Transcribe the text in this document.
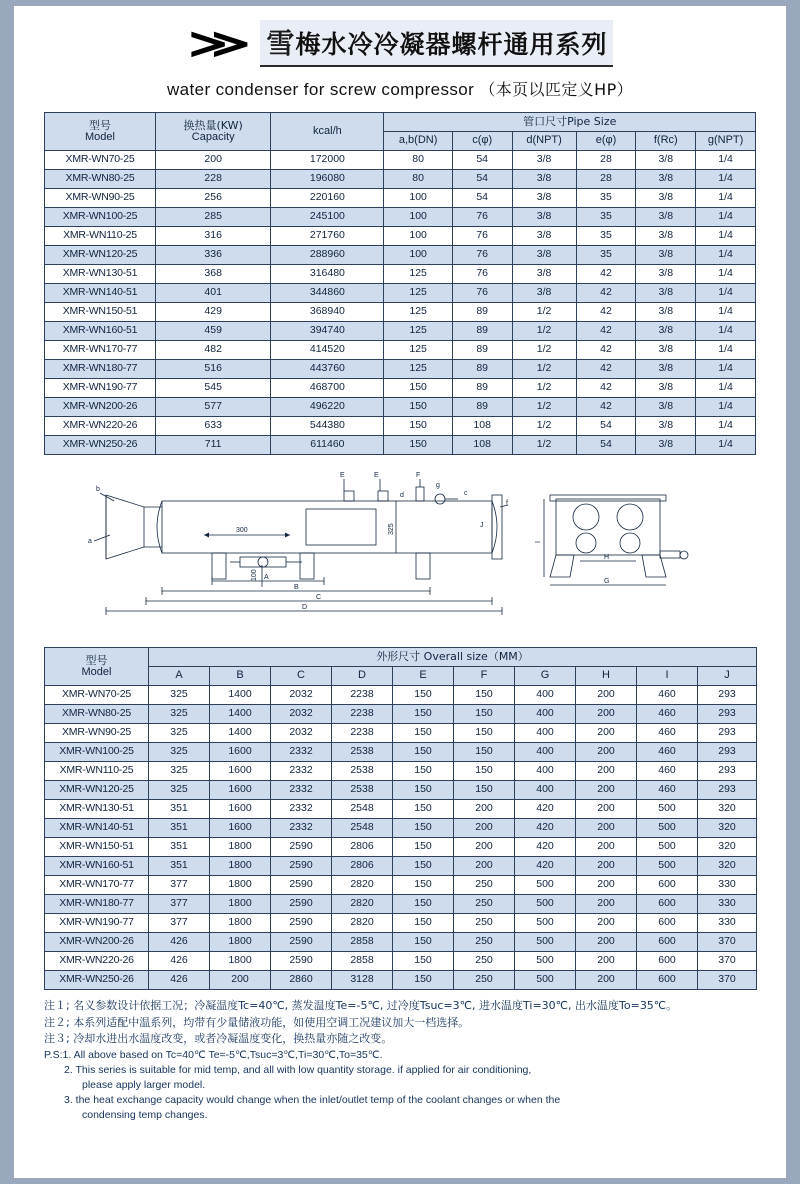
≫ 雪梅水冷冷凝器螺杆通用系列
water condenser for screw compressor （本页以匹定义HP）
型号
Model

换热量(KW)
Capacity	kcal/h	管口尺寸Pipe Size
			a,b(DN)	c(φ)	d(NPT)	e(φ)	f(Rc)	g(NPT)
XMR-WN70-25	200	172000	80	54	3/8	28	3/8	1/4
XMR-WN80-25	228	196080	80	54	3/8	28	3/8	1/4
XMR-WN90-25	256	220160	100	54	3/8	35	3/8	1/4
XMR-WN100-25	285	245100	100	76	3/8	35	3/8	1/4
XMR-WN110-25	316	271760	100	76	3/8	35	3/8	1/4
XMR-WN120-25	336	288960	100	76	3/8	35	3/8	1/4
XMR-WN130-51	368	316480	125	76	3/8	42	3/8	1/4
XMR-WN140-51	401	344860	125	76	3/8	42	3/8	1/4
XMR-WN150-51	429	368940	125	89	1/2	42	3/8	1/4
XMR-WN160-51	459	394740	125	89	1/2	42	3/8	1/4
XMR-WN170-77	482	414520	125	89	1/2	42	3/8	1/4
XMR-WN180-77	516	443760	125	89	1/2	42	3/8	1/4
XMR-WN190-77	545	468700	150	89	1/2	42	3/8	1/4
XMR-WN200-26	577	496220	150	89	1/2	42	3/8	1/4
XMR-WN220-26	633	544380	150	108	1/2	54	3/8	1/4
XMR-WN250-26	711	611460	150	108	1/2	54	3/8	1/4
E	E	F
b
a
d
g
c
f
J
300
100
325
A
B
C
D
H
G
I
型号
Model	外形尺寸 Overall size（MM）									
	A	B	C	D	E	F	G	H	I	J
XMR-WN70-25	325	1400	2032	2238	150	150	400	200	460	293
XMR-WN80-25	325	1400	2032	2238	150	150	400	200	460	293
XMR-WN90-25	325	1400	2032	2238	150	150	400	200	460	293
XMR-WN100-25	325	1600	2332	2538	150	150	400	200	460	293
XMR-WN110-25	325	1600	2332	2538	150	150	400	200	460	293
XMR-WN120-25	325	1600	2332	2538	150	150	400	200	460	293
XMR-WN130-51	351	1600	2332	2548	150	200	420	200	500	320
XMR-WN140-51	351	1600	2332	2548	150	200	420	200	500	320
XMR-WN150-51	351	1800	2590	2806	150	200	420	200	500	320
XMR-WN160-51	351	1800	2590	2806	150	200	420	200	500	320
XMR-WN170-77	377	1800	2590	2820	150	250	500	200	600	330
XMR-WN180-77	377	1800	2590	2820	150	250	500	200	600	330
XMR-WN190-77	377	1800	2590	2820	150	250	500	200	600	330
XMR-WN200-26	426	1800	2590	2858	150	250	500	200	600	370
XMR-WN220-26	426	1800	2590	2858	150	250	500	200	600	370
XMR-WN250-26	426	200	2860	3128	150	250	500	200	600	370
注１; 名义参数设计依据工况；冷凝温度Tc=40℃, 蒸发温度Te=-5℃, 过冷度Tsuc=3℃, 进水温度Ti=30℃, 出水温度To=35℃。
注２; 本系列适配中温系列，均带有少量储液功能，如使用空调工况建议加大一档选择。
注３; 冷却水进出水温度改变，或者冷凝温度变化，换热量亦随之改变。
P.S:1. All above based on Tc=40℃ Te=-5℃,Tsuc=3℃,Ti=30℃,To=35℃.
2. This series is suitable for mid temp, and all with low quantity storage. if applied for air conditioning,
please apply larger model.
3. the heat exchange capacity would change when the inlet/outlet temp of the coolant changes or when the
condensing temp changes.
